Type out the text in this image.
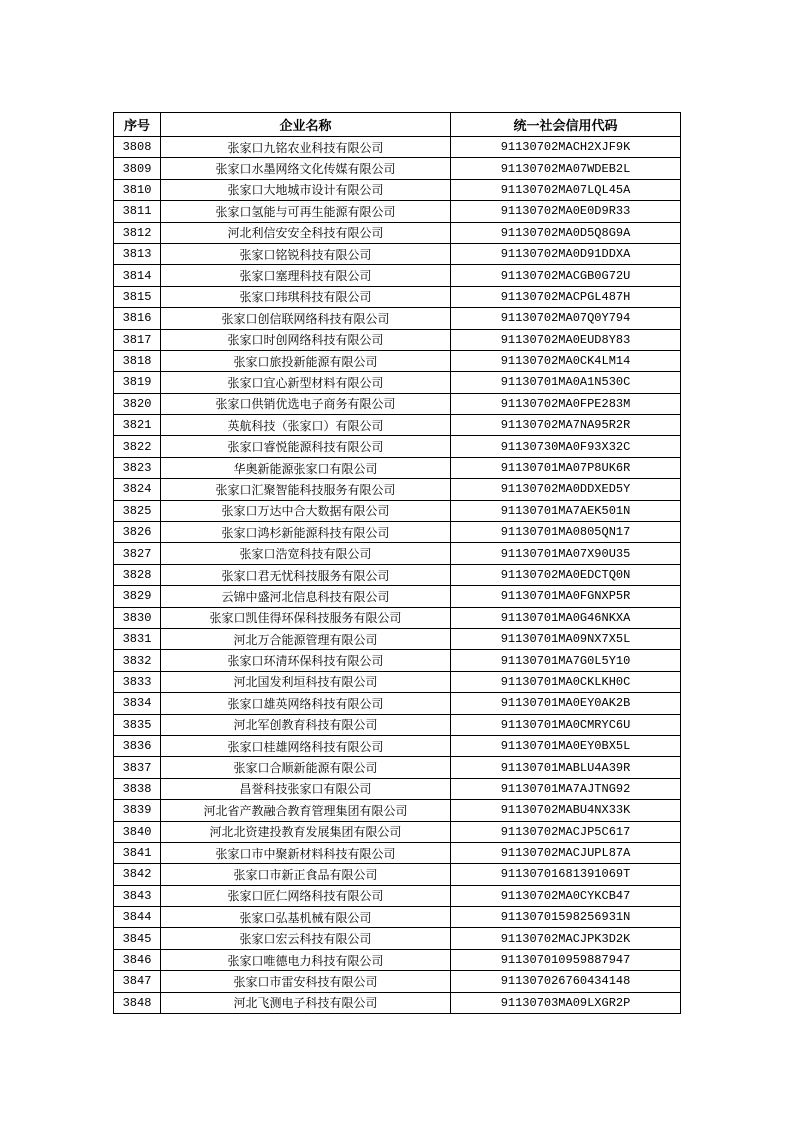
序号	企业名称	统一社会信用代码
3808	张家口九铭农业科技有限公司	91130702MACH2XJF9K
3809	张家口水墨网络文化传媒有限公司	91130702MA07WDEB2L
3810	张家口大地城市设计有限公司	91130702MA07LQL45A
3811	张家口氢能与可再生能源有限公司	91130702MA0E0D9R33
3812	河北利信安安全科技有限公司	91130702MA0D5Q8G9A
3813	张家口铭锐科技有限公司	91130702MA0D91DDXA
3814	张家口塞理科技有限公司	91130702MACGB0G72U
3815	张家口玮琪科技有限公司	91130702MACPGL487H
3816	张家口创信联网络科技有限公司	91130702MA07Q0Y794
3817	张家口时创网络科技有限公司	91130702MA0EUD8Y83
3818	张家口旅投新能源有限公司	91130702MA0CK4LM14
3819	张家口宜心新型材料有限公司	91130701MA0A1N530C
3820	张家口供销优选电子商务有限公司	91130702MA0FPE283M
3821	英航科技（张家口）有限公司	91130702MA7NA95R2R
3822	张家口睿悦能源科技有限公司	91130730MA0F93X32C
3823	华奥新能源张家口有限公司	91130701MA07P8UK6R
3824	张家口汇聚智能科技服务有限公司	91130702MA0DDXED5Y
3825	张家口万达中合大数据有限公司	91130701MA7AEK501N
3826	张家口鸿杉新能源科技有限公司	91130701MA0805QN17
3827	张家口浩宽科技有限公司	91130701MA07X90U35
3828	张家口君无忧科技服务有限公司	91130702MA0EDCTQ0N
3829	云锦中盛河北信息科技有限公司	91130701MA0FGNXP5R
3830	张家口凯佳得环保科技服务有限公司	91130701MA0G46NKXA
3831	河北万合能源管理有限公司	91130701MA09NX7X5L
3832	张家口环清环保科技有限公司	91130701MA7G0L5Y10
3833	河北国发利垣科技有限公司	91130701MA0CKLKH0C
3834	张家口雄英网络科技有限公司	91130701MA0EY0AK2B
3835	河北军创教育科技有限公司	91130701MA0CMRYC6U
3836	张家口桂雄网络科技有限公司	91130701MA0EY0BX5L
3837	张家口合顺新能源有限公司	91130701MABLU4A39R
3838	昌誉科技张家口有限公司	91130701MA7AJTNG92
3839	河北省产教融合教育管理集团有限公司	91130702MABU4NX33K
3840	河北北资建投教育发展集团有限公司	91130702MACJP5C617
3841	张家口市中聚新材料科技有限公司	91130702MACJUPL87A
3842	张家口市新正食品有限公司	91130701681391069T
3843	张家口匠仁网络科技有限公司	91130702MA0CYKCB47
3844	张家口弘基机械有限公司	91130701598256931N
3845	张家口宏云科技有限公司	91130702MACJPK3D2K
3846	张家口唯德电力科技有限公司	911307010959887947
3847	张家口市雷安科技有限公司	911307026760434148
3848	河北飞测电子科技有限公司	91130703MA09LXGR2P
